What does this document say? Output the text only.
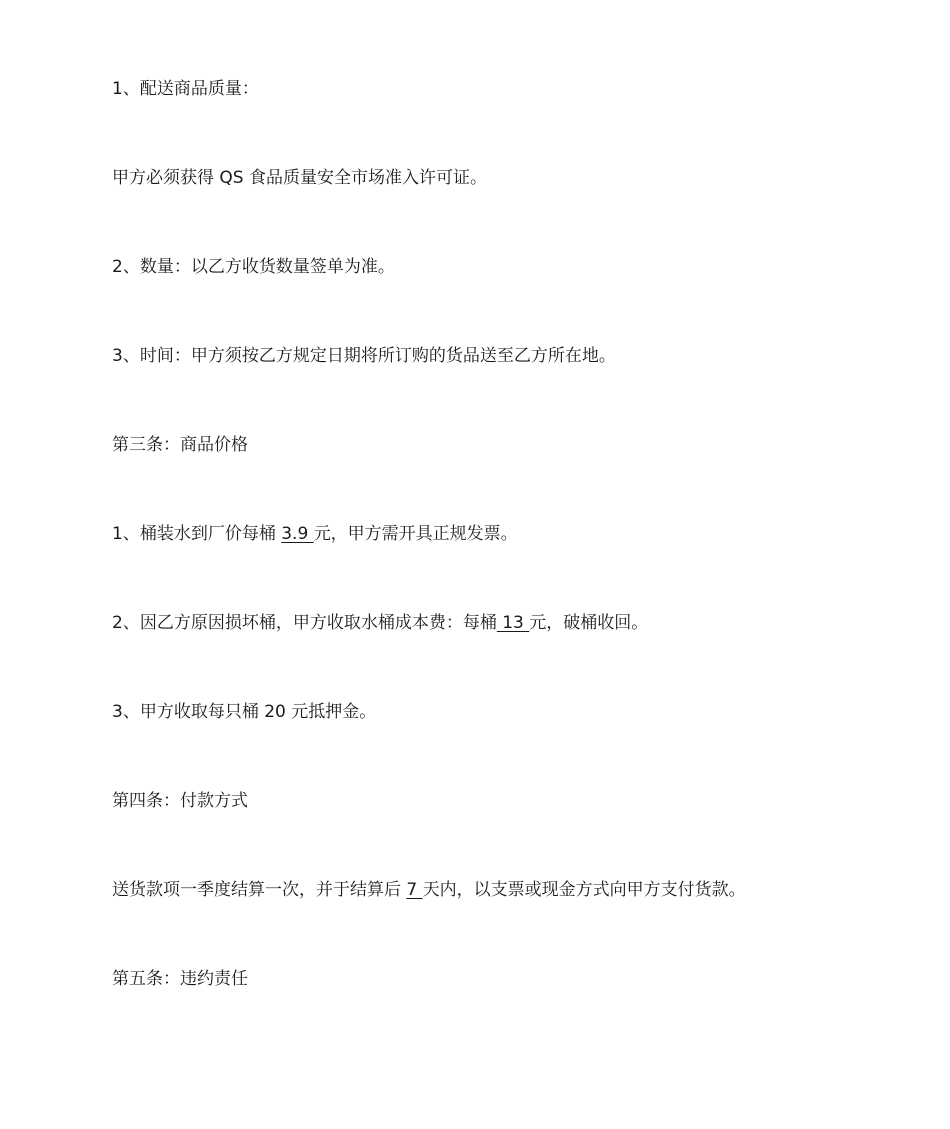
1、配送商品质量：
甲方必须获得 QS 食品质量安全市场准入许可证。
2、数量：以乙方收货数量签单为准。
3、时间：甲方须按乙方规定日期将所订购的货品送至乙方所在地。
第三条：商品价格
1、桶装水到厂价每桶 3.9 元，甲方需开具正规发票。
2、因乙方原因损坏桶，甲方收取水桶成本费：每桶 13 元，破桶收回。
3、甲方收取每只桶 20 元抵押金。
第四条：付款方式
送货款项一季度结算一次，并于结算后 7 天内，以支票或现金方式向甲方支付货款。
第五条：违约责任
